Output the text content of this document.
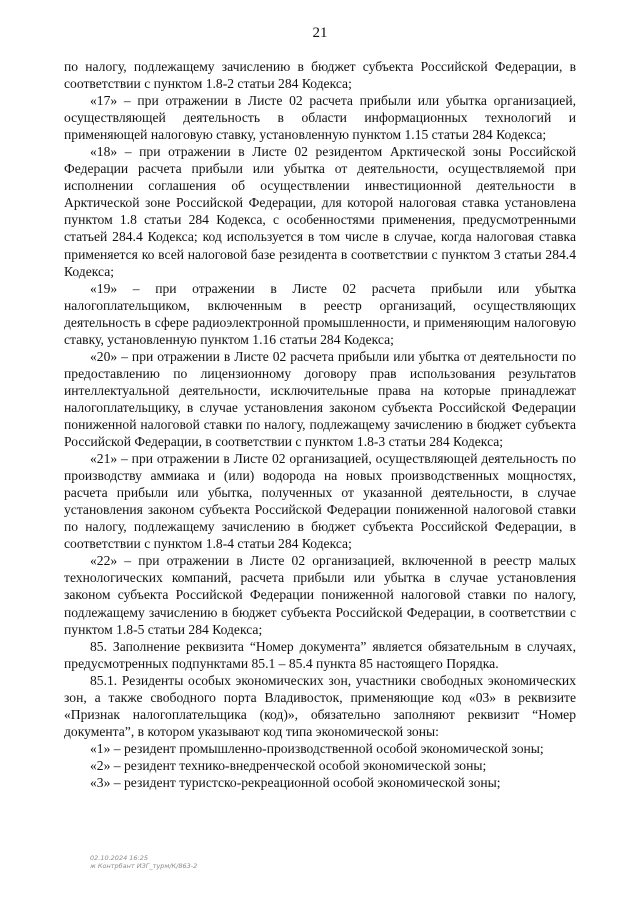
21

по налогу, подлежащему зачислению в бюджет субъекта Российской Федерации, в соответствии с пунктом 1.8-2 статьи 284 Кодекса;

«17» – при отражении в Листе 02 расчета прибыли или убытка организацией, осуществляющей деятельность в области информационных технологий и применяющей налоговую ставку, установленную пунктом 1.15 статьи 284 Кодекса;

«18» – при отражении в Листе 02 резидентом Арктической зоны Российской Федерации расчета прибыли или убытка от деятельности, осуществляемой при исполнении соглашения об осуществлении инвестиционной деятельности в Арктической зоне Российской Федерации, для которой налоговая ставка установлена пунктом 1.8 статьи 284 Кодекса, с особенностями применения, предусмотренными статьей 284.4 Кодекса; код используется в том числе в случае, когда налоговая ставка применяется ко всей налоговой базе резидента в соответствии с пунктом 3 статьи 284.4 Кодекса;

«19» – при отражении в Листе 02 расчета прибыли или убытка налогоплательщиком, включенным в реестр организаций, осуществляющих деятельность в сфере радиоэлектронной промышленности, и применяющим налоговую ставку, установленную пунктом 1.16 статьи 284 Кодекса;

«20» – при отражении в Листе 02 расчета прибыли или убытка от деятельности по предоставлению по лицензионному договору прав использования результатов интеллектуальной деятельности, исключительные права на которые принадлежат налогоплательщику, в случае установления законом субъекта Российской Федерации пониженной налоговой ставки по налогу, подлежащему зачислению в бюджет субъекта Российской Федерации, в соответствии с пунктом 1.8-3 статьи 284 Кодекса;

«21» – при отражении в Листе 02 организацией, осуществляющей деятельность по производству аммиака и (или) водорода на новых производственных мощностях, расчета прибыли или убытка, полученных от указанной деятельности, в случае установления законом субъекта Российской Федерации пониженной налоговой ставки по налогу, подлежащему зачислению в бюджет субъекта Российской Федерации, в соответствии с пунктом 1.8-4 статьи 284 Кодекса;

«22» – при отражении в Листе 02 организацией, включенной в реестр малых технологических компаний, расчета прибыли или убытка в случае установления законом субъекта Российской Федерации пониженной налоговой ставки по налогу, подлежащему зачислению в бюджет субъекта Российской Федерации, в соответствии с пунктом 1.8-5 статьи 284 Кодекса;

85. Заполнение реквизита “Номер документа” является обязательным в случаях, предусмотренных подпунктами 85.1 – 85.4 пункта 85 настоящего Порядка.

85.1. Резиденты особых экономических зон, участники свободных экономических зон, а также свободного порта Владивосток, применяющие код «03» в реквизите «Признак налогоплательщика (код)», обязательно заполняют реквизит “Номер документа”, в котором указывают код типа экономической зоны:

«1» – резидент промышленно-производственной особой экономической зоны;

«2» – резидент технико-внедренческой особой экономической зоны;

«3» – резидент туристско-рекреационной особой экономической зоны;

02.10.2024 16:25
ж Контрбант ИЗГ_турм/К/863-2
